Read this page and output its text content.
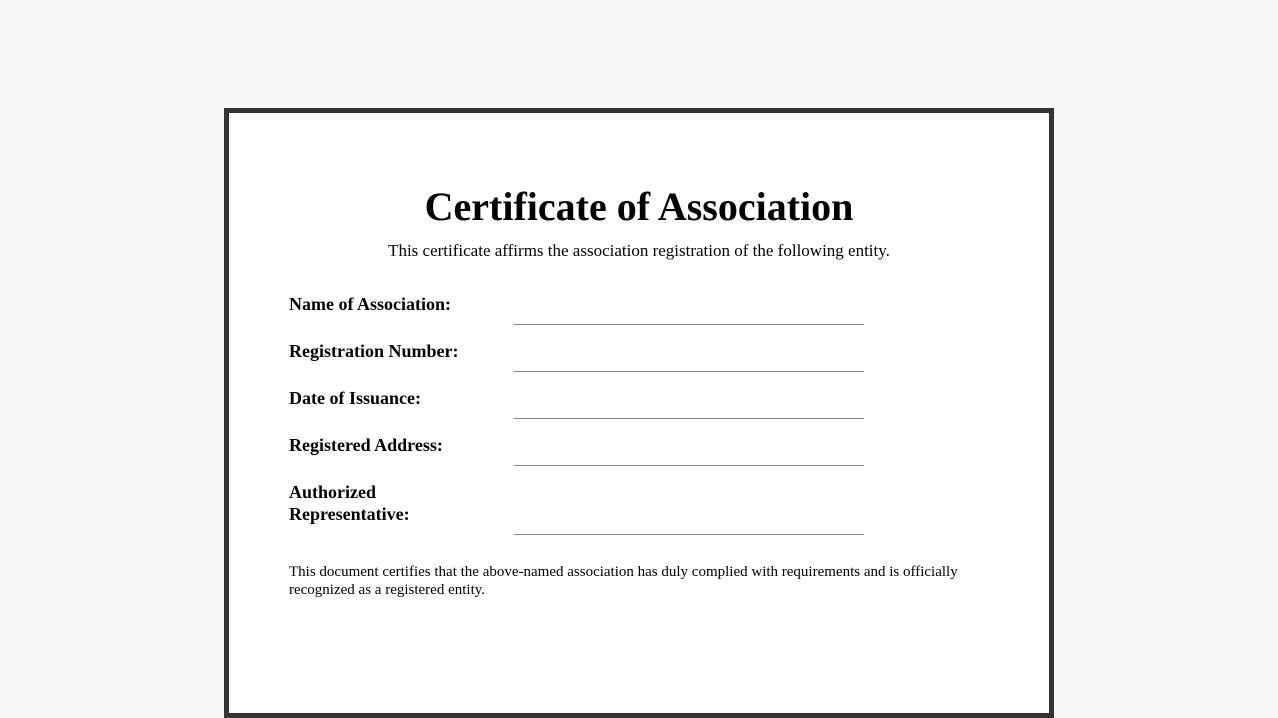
Certificate of Association
This certificate affirms the association registration of the following entity.
Name of Association:
Registration Number:
Date of Issuance:
Registered Address:
Authorized Representative:
This document certifies that the above-named association has duly complied with requirements and is officially recognized as a registered entity.
